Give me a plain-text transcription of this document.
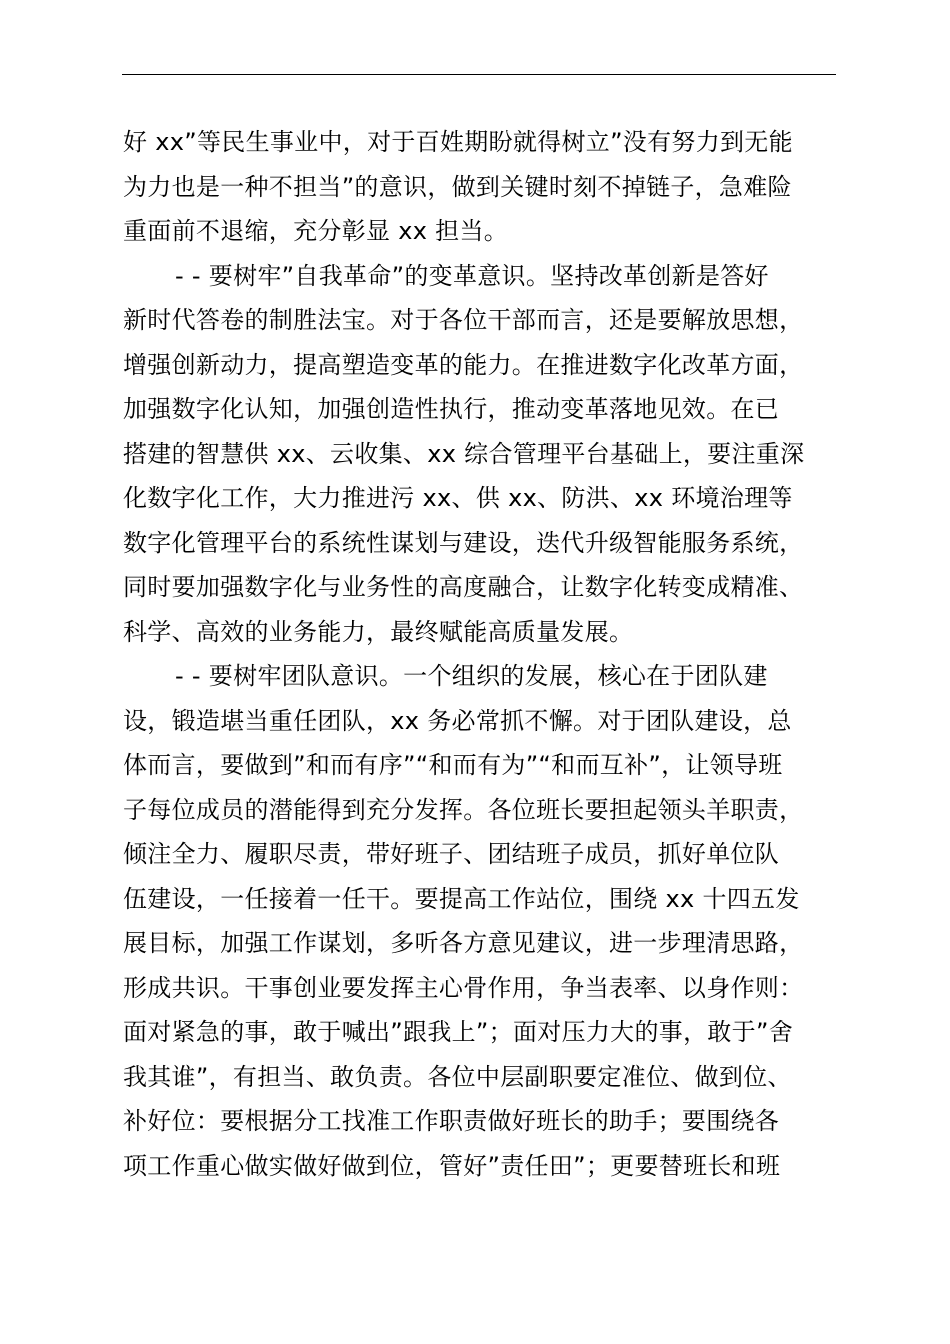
好 xx”等民生事业中，对于百姓期盼就得树立”没有努力到无能
为力也是一种不担当”的意识，做到关键时刻不掉链子，急难险
重面前不退缩，充分彰显 xx 担当。
- - 要树牢”自我革命”的变革意识。坚持改革创新是答好
新时代答卷的制胜法宝。对于各位干部而言，还是要解放思想，
增强创新动力，提高塑造变革的能力。在推进数字化改革方面，
加强数字化认知，加强创造性执行，推动变革落地见效。在已
搭建的智慧供 xx、云收集、xx 综合管理平台基础上，要注重深
化数字化工作，大力推进污 xx、供 xx、防洪、xx 环境治理等
数字化管理平台的系统性谋划与建设，迭代升级智能服务系统，
同时要加强数字化与业务性的高度融合，让数字化转变成精准、
科学、高效的业务能力，最终赋能高质量发展。
- - 要树牢团队意识。一个组织的发展，核心在于团队建
设，锻造堪当重任团队，xx 务必常抓不懈。对于团队建设，总
体而言，要做到”和而有序”“和而有为”“和而互补”，让领导班
子每位成员的潜能得到充分发挥。各位班长要担起领头羊职责，
倾注全力、履职尽责，带好班子、团结班子成员，抓好单位队
伍建设，一任接着一任干。要提高工作站位，围绕 xx 十四五发
展目标，加强工作谋划，多听各方意见建议，进一步理清思路，
形成共识。干事创业要发挥主心骨作用，争当表率、以身作则：
面对紧急的事，敢于喊出”跟我上”；面对压力大的事，敢于”舍
我其谁”，有担当、敢负责。各位中层副职要定准位、做到位、
补好位：要根据分工找准工作职责做好班长的助手；要围绕各
项工作重心做实做好做到位，管好”责任田”；更要替班长和班
